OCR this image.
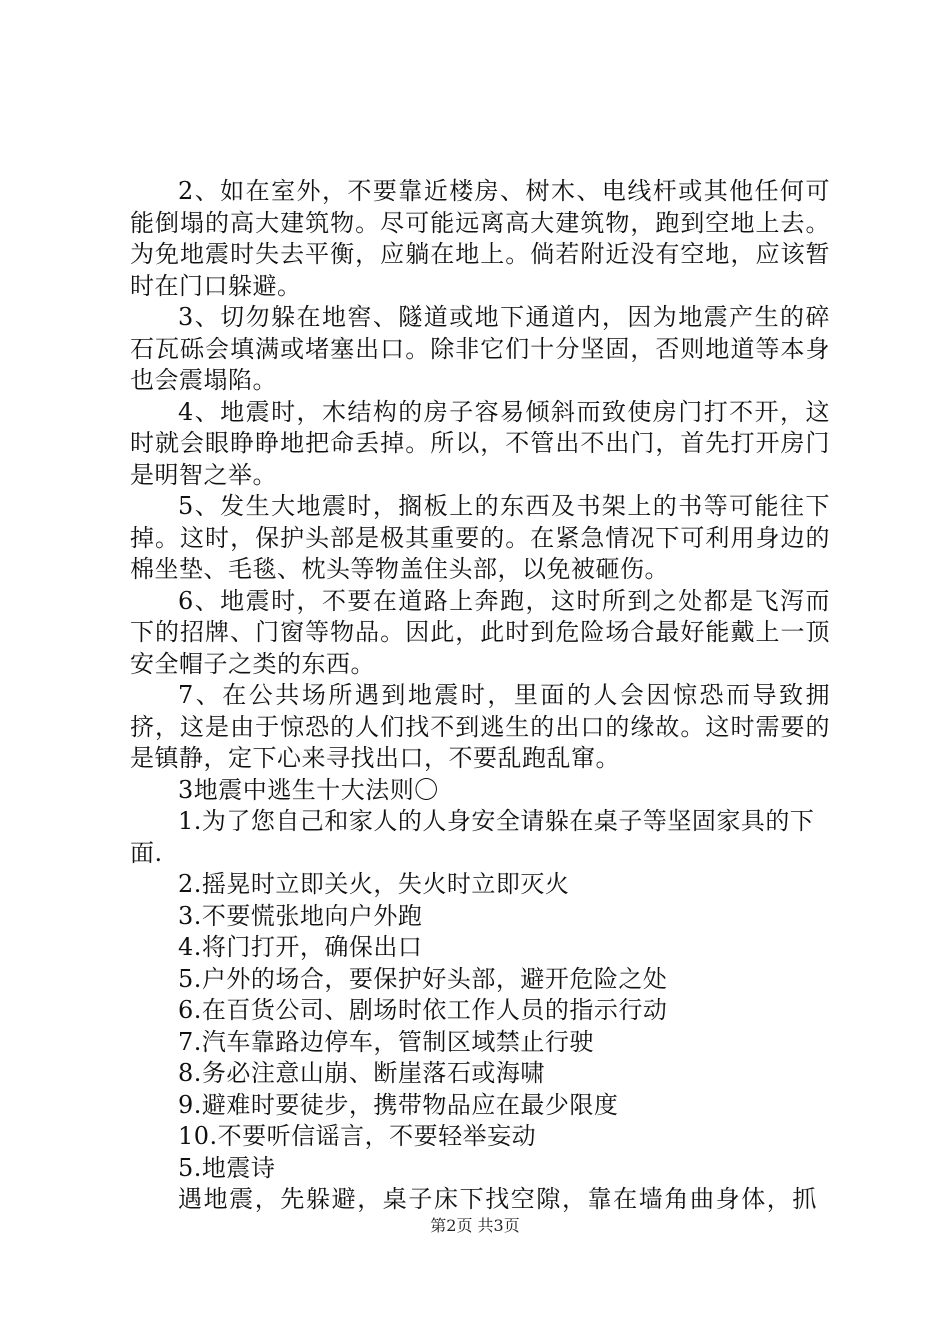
2、如在室外，不要靠近楼房、树木、电线杆或其他任何可能倒塌的高大建筑物。尽可能远离高大建筑物，跑到空地上去。为免地震时失去平衡，应躺在地上。倘若附近没有空地，应该暂时在门口躲避。

3、切勿躲在地窖、隧道或地下通道内，因为地震产生的碎石瓦砾会填满或堵塞出口。除非它们十分坚固，否则地道等本身也会震塌陷。

4、地震时，木结构的房子容易倾斜而致使房门打不开，这时就会眼睁睁地把命丢掉。所以，不管出不出门，首先打开房门是明智之举。

5、发生大地震时，搁板上的东西及书架上的书等可能往下掉。这时，保护头部是极其重要的。在紧急情况下可利用身边的棉坐垫、毛毯、枕头等物盖住头部，以免被砸伤。

6、地震时，不要在道路上奔跑，这时所到之处都是飞泻而下的招牌、门窗等物品。因此，此时到危险场合最好能戴上一顶安全帽子之类的东西。

7、在公共场所遇到地震时，里面的人会因惊恐而导致拥挤，这是由于惊恐的人们找不到逃生的出口的缘故。这时需要的是镇静，定下心来寻找出口，不要乱跑乱窜。

3地震中逃生十大法则〇

1.为了您自己和家人的人身安全请躲在桌子等坚固家具的下面.

2.摇晃时立即关火，失火时立即灭火

3.不要慌张地向户外跑

4.将门打开，确保出口

5.户外的场合，要保护好头部，避开危险之处

6.在百货公司、剧场时依工作人员的指示行动

7.汽车靠路边停车，管制区域禁止行驶

8.务必注意山崩、断崖落石或海啸

9.避难时要徒步，携带物品应在最少限度

10.不要听信谣言，不要轻举妄动

5.地震诗

遇地震，先躲避，桌子床下找空隙，靠在墙角曲身体，抓

第2页 共3页
